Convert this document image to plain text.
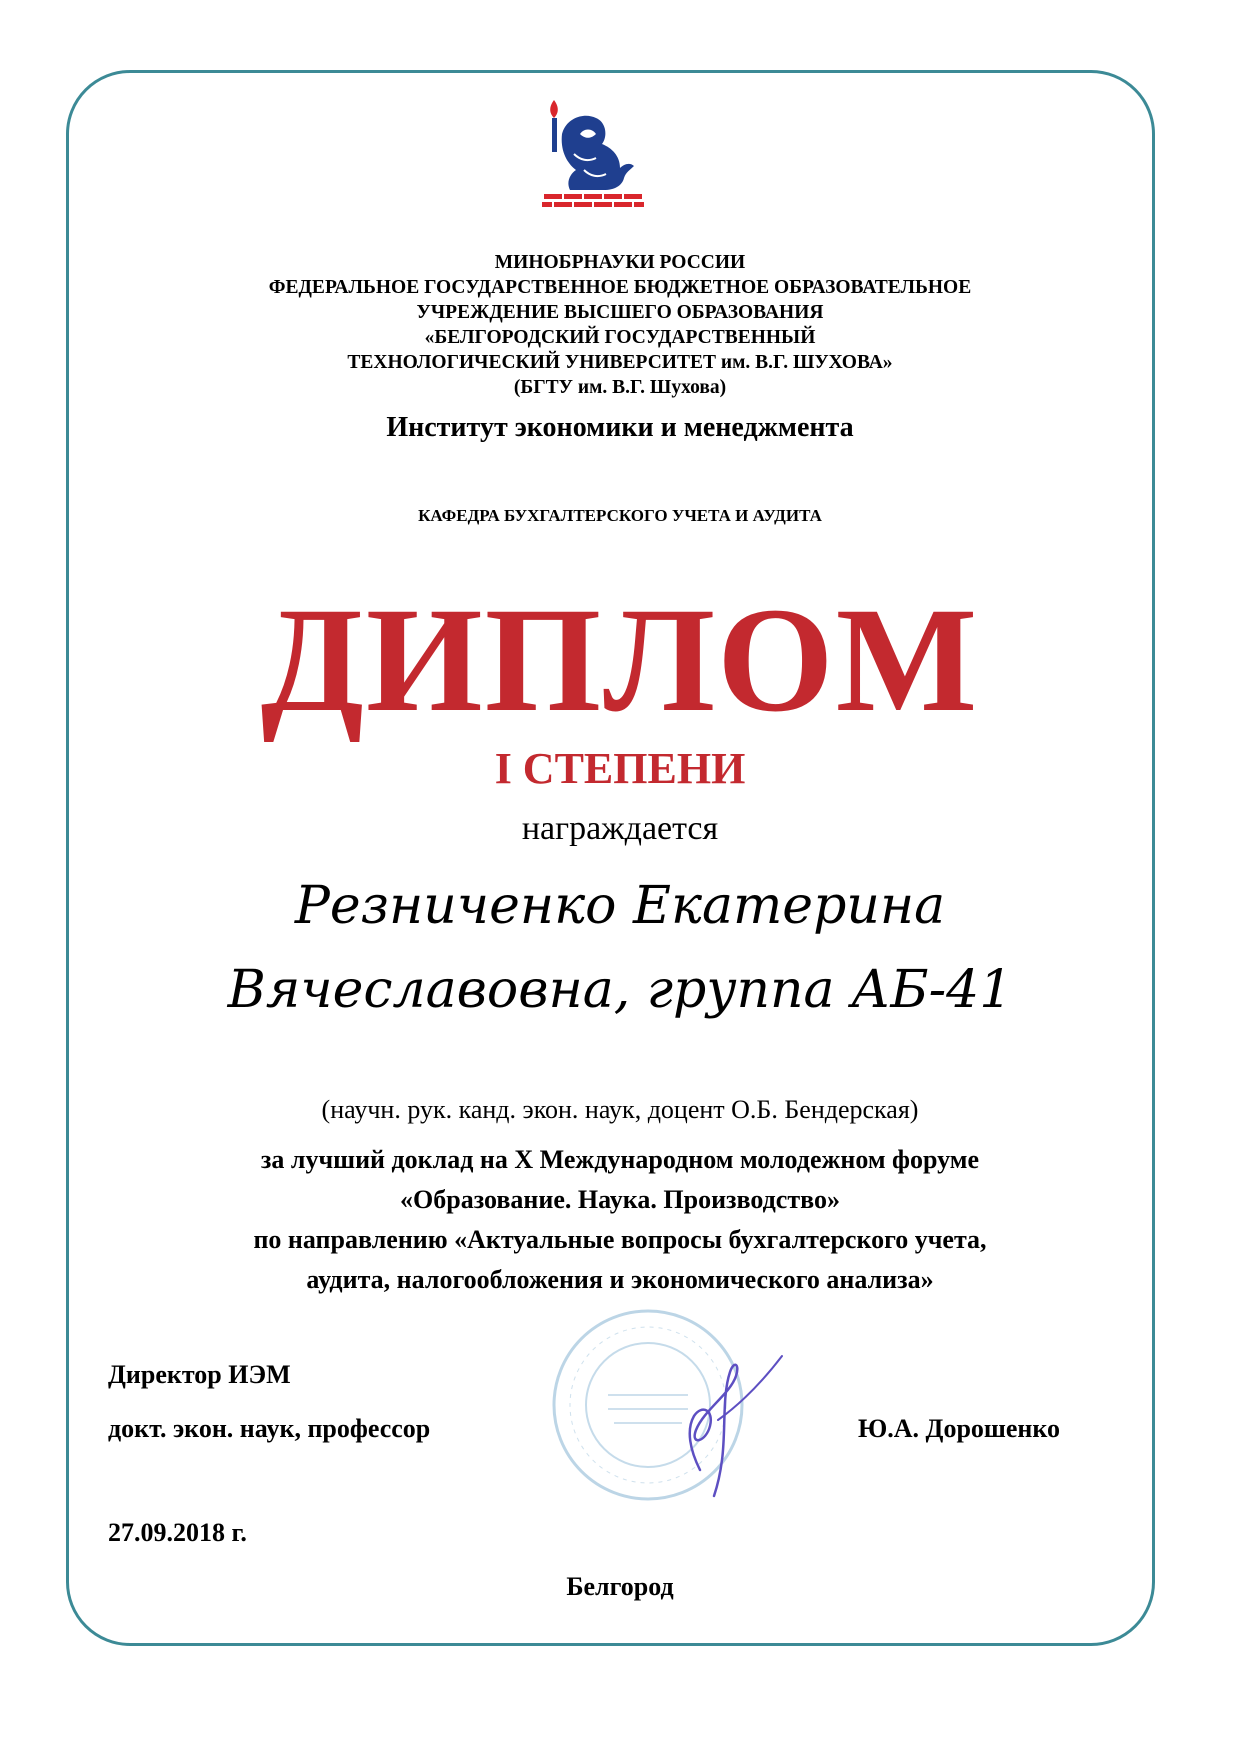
МИНОБРНАУКИ РОССИИ
ФЕДЕРАЛЬНОЕ ГОСУДАРСТВЕННОЕ БЮДЖЕТНОЕ ОБРАЗОВАТЕЛЬНОЕ
УЧРЕЖДЕНИЕ ВЫСШЕГО ОБРАЗОВАНИЯ
«БЕЛГОРОДСКИЙ ГОСУДАРСТВЕННЫЙ
ТЕХНОЛОГИЧЕСКИЙ УНИВЕРСИТЕТ им. В.Г. ШУХОВА»
(БГТУ им. В.Г. Шухова)
Институт экономики и менеджмента
КАФЕДРА БУХГАЛТЕРСКОГО УЧЕТА И АУДИТА
ДИПЛОМ
I СТЕПЕНИ
награждается
Резниченко Екатерина
Вячеславовна, группа АБ-41
(научн. рук. канд. экон. наук, доцент О.Б. Бендерская)
за лучший доклад на Х Международном молодежном форуме
«Образование. Наука. Производство»
по направлению «Актуальные вопросы бухгалтерского учета,
аудита, налогообложения и экономического анализа»
Директор ИЭМ
докт. экон. наук, профессор	Ю.А. Дорошенко
27.09.2018 г.
Белгород
